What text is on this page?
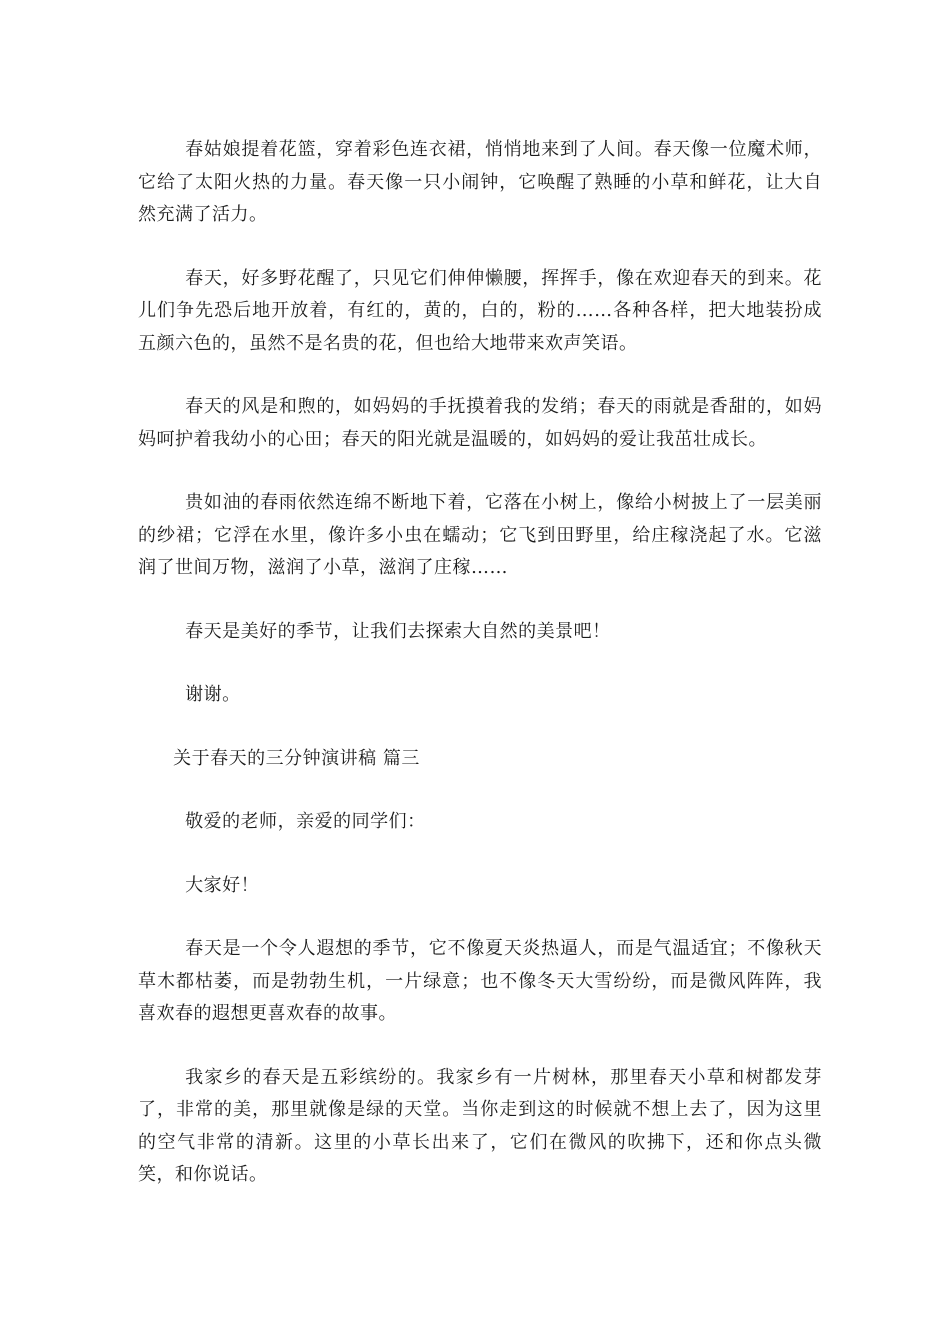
春姑娘提着花篮，穿着彩色连衣裙，悄悄地来到了人间。春天像一位魔术师，它给了太阳火热的力量。春天像一只小闹钟，它唤醒了熟睡的小草和鲜花，让大自然充满了活力。

春天，好多野花醒了，只见它们伸伸懒腰，挥挥手，像在欢迎春天的到来。花儿们争先恐后地开放着，有红的，黄的，白的，粉的……各种各样，把大地装扮成五颜六色的，虽然不是名贵的花，但也给大地带来欢声笑语。

春天的风是和煦的，如妈妈的手抚摸着我的发绡；春天的雨就是香甜的，如妈妈呵护着我幼小的心田；春天的阳光就是温暖的，如妈妈的爱让我茁壮成长。

贵如油的春雨依然连绵不断地下着，它落在小树上，像给小树披上了一层美丽的纱裙；它浮在水里，像许多小虫在蠕动；它飞到田野里，给庄稼浇起了水。它滋润了世间万物，滋润了小草，滋润了庄稼……

春天是美好的季节，让我们去探索大自然的美景吧！

谢谢。

关于春天的三分钟演讲稿 篇三

敬爱的老师，亲爱的同学们：

大家好！

春天是一个令人遐想的季节，它不像夏天炎热逼人，而是气温适宜；不像秋天草木都枯萎，而是勃勃生机，一片绿意；也不像冬天大雪纷纷，而是微风阵阵，我喜欢春的遐想更喜欢春的故事。

我家乡的春天是五彩缤纷的。我家乡有一片树林，那里春天小草和树都发芽了，非常的美，那里就像是绿的天堂。当你走到这的时候就不想上去了，因为这里的空气非常的清新。这里的小草长出来了，它们在微风的吹拂下，还和你点头微笑，和你说话。
